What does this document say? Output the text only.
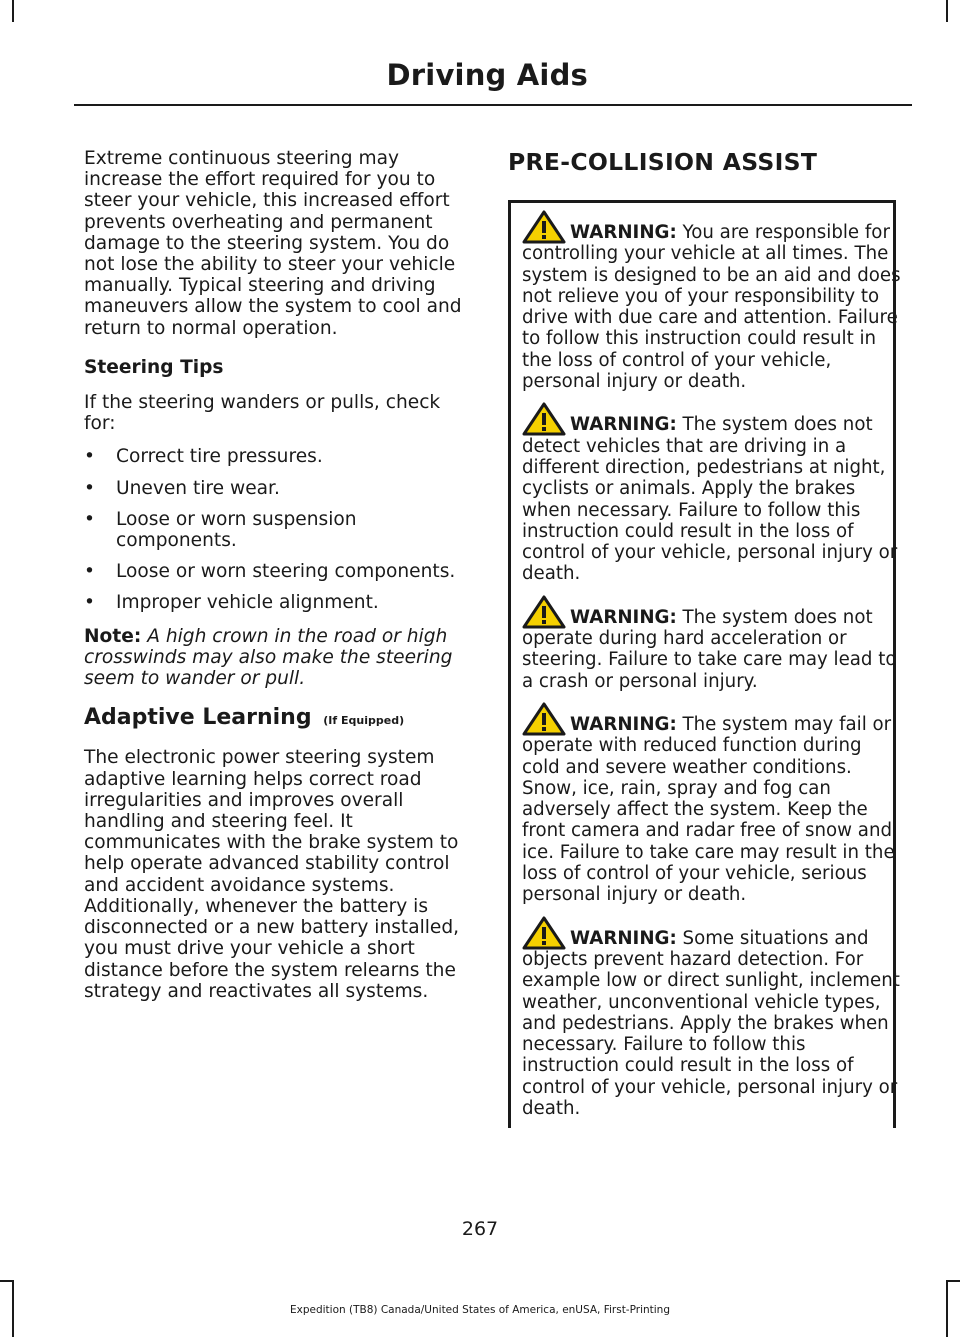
Driving Aids

Extreme continuous steering may increase the effort required for you to steer your vehicle, this increased effort prevents overheating and permanent damage to the steering system. You do not lose the ability to steer your vehicle manually. Typical steering and driving maneuvers allow the system to cool and return to normal operation.

Steering Tips

If the steering wanders or pulls, check for:

• Correct tire pressures.
• Uneven tire wear.
• Loose or worn suspension components.
• Loose or worn steering components.
• Improper vehicle alignment.

Note: A high crown in the road or high crosswinds may also make the steering seem to wander or pull.

Adaptive Learning (If Equipped)

The electronic power steering system adaptive learning helps correct road irregularities and improves overall handling and steering feel. It communicates with the brake system to help operate advanced stability control and accident avoidance systems. Additionally, whenever the battery is disconnected or a new battery installed, you must drive your vehicle a short distance before the system relearns the strategy and reactivates all systems.

PRE-COLLISION ASSIST

WARNING: You are responsible for controlling your vehicle at all times. The system is designed to be an aid and does not relieve you of your responsibility to drive with due care and attention. Failure to follow this instruction could result in the loss of control of your vehicle, personal injury or death.

WARNING: The system does not detect vehicles that are driving in a different direction, pedestrians at night, cyclists or animals. Apply the brakes when necessary. Failure to follow this instruction could result in the loss of control of your vehicle, personal injury or death.

WARNING: The system does not operate during hard acceleration or steering. Failure to take care may lead to a crash or personal injury.

WARNING: The system may fail or operate with reduced function during cold and severe weather conditions. Snow, ice, rain, spray and fog can adversely affect the system. Keep the front camera and radar free of snow and ice. Failure to take care may result in the loss of control of your vehicle, serious personal injury or death.

WARNING: Some situations and objects prevent hazard detection. For example low or direct sunlight, inclement weather, unconventional vehicle types, and pedestrians. Apply the brakes when necessary. Failure to follow this instruction could result in the loss of control of your vehicle, personal injury or death.

267
Expedition (TB8) Canada/United States of America, enUSA, First-Printing
